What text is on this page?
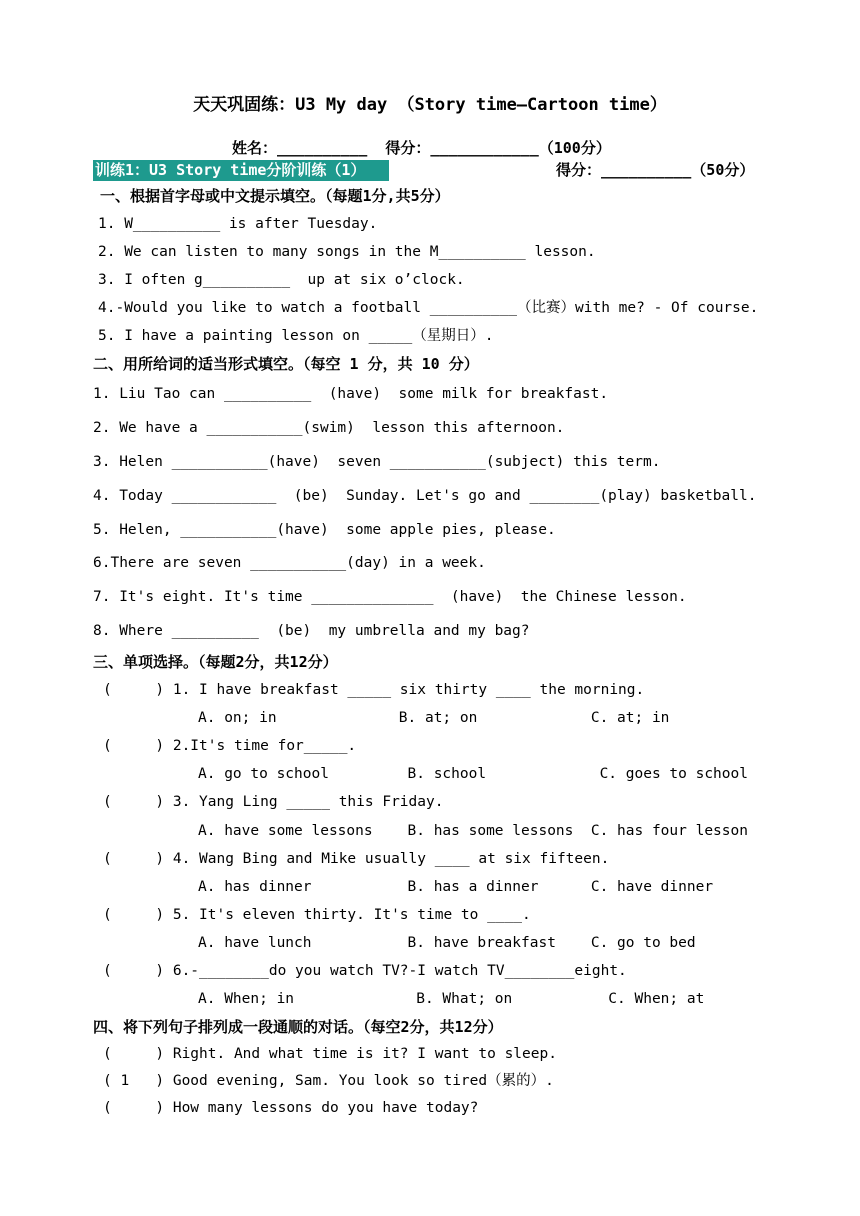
天天巩固练：U3 My day （Story time—Cartoon time）
姓名：__________  得分：____________（100分）
训练1：U3 Story time分阶训练（1）	得分：__________（50分）
一、根据首字母或中文提示填空。（每题1分,共5分）
1. W__________ is after Tuesday.
2. We can listen to many songs in the M__________ lesson.
3. I often g__________  up at six o’clock.
4.-Would you like to watch a football __________（比赛）with me? - Of course.
5. I have a painting lesson on _____（星期日）.
二、用所给词的适当形式填空。（每空 1 分，共 10 分）
1. Liu Tao can __________  (have)  some milk for breakfast.
2. We have a ___________(swim)  lesson this afternoon.
3. Helen ___________(have)  seven ___________(subject) this term.
4. Today ____________  (be)  Sunday. Let's go and ________(play) basketball.
5. Helen, ___________(have)  some apple pies, please.
6.There are seven ___________(day) in a week.
7. It's eight. It's time ______________  (have)  the Chinese lesson.
8. Where __________  (be)  my umbrella and my bag?
三、单项选择。（每题2分，共12分）
(     ) 1. I have breakfast _____ six thirty ____ the morning.
A. on; in              B. at; on             C. at; in
(     ) 2.It's time for_____.
A. go to school         B. school             C. goes to school
(     ) 3. Yang Ling _____ this Friday.
A. have some lessons    B. has some lessons  C. has four lesson
(     ) 4. Wang Bing and Mike usually ____ at six fifteen.
A. has dinner           B. has a dinner      C. have dinner
(     ) 5. It's eleven thirty. It's time to ____.
A. have lunch           B. have breakfast    C. go to bed
(     ) 6.-________do you watch TV?-I watch TV________eight.
A. When; in              B. What; on           C. When; at
四、将下列句子排列成一段通顺的对话。（每空2分，共12分）
(     ) Right. And what time is it? I want to sleep.
( 1   ) Good evening, Sam. You look so tired（累的）.
(     ) How many lessons do you have today?
